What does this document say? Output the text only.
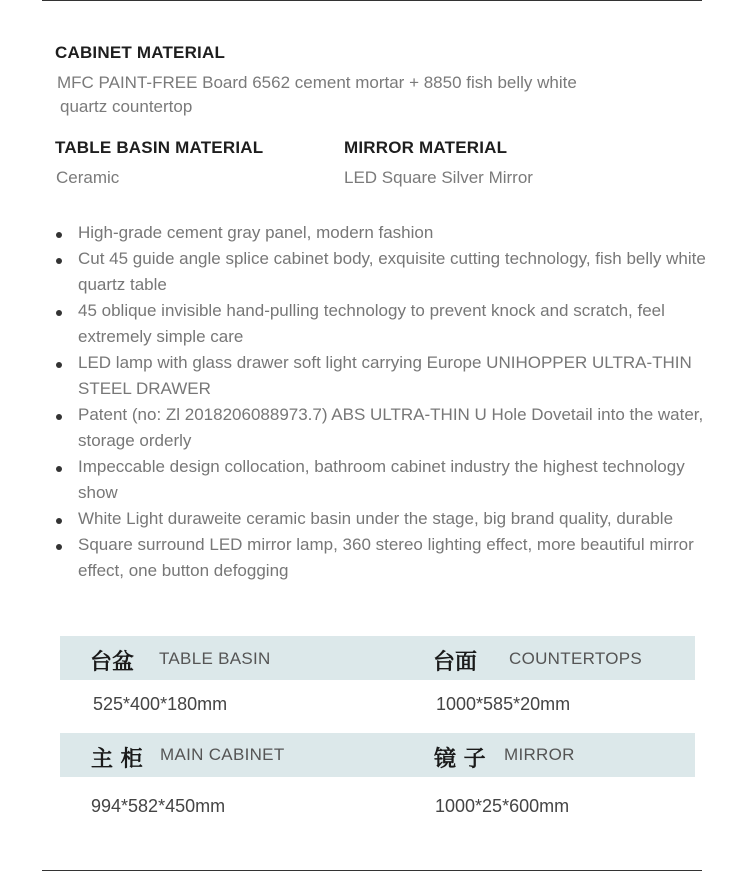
CABINET MATERIAL
MFC PAINT-FREE Board 6562 cement mortar + 8850 fish belly white
quartz countertop
TABLE BASIN MATERIAL
Ceramic
MIRROR MATERIAL
LED Square Silver Mirror
High-grade cement gray panel, modern fashion
Cut 45 guide angle splice cabinet body, exquisite cutting technology, fish belly white quartz table
45 oblique invisible hand-pulling technology to prevent knock and scratch, feel extremely simple care
LED lamp with glass drawer soft light carrying Europe UNIHOPPER ULTRA-THIN STEEL DRAWER
Patent (no: Zl 2018206088973.7) ABS ULTRA-THIN U Hole Dovetail into the water, storage orderly
Impeccable design collocation, bathroom cabinet industry the highest technology show
White Light duraweite ceramic basin under the stage, big brand quality, durable
Square surround LED mirror lamp, 360 stereo lighting effect, more beautiful mirror effect, one button defogging
台盆 TABLE BASIN	台面 COUNTERTOPS
525*400*180mm	1000*585*20mm
主 柜 MAIN CABINET	镜 子 MIRROR
994*582*450mm	1000*25*600mm
